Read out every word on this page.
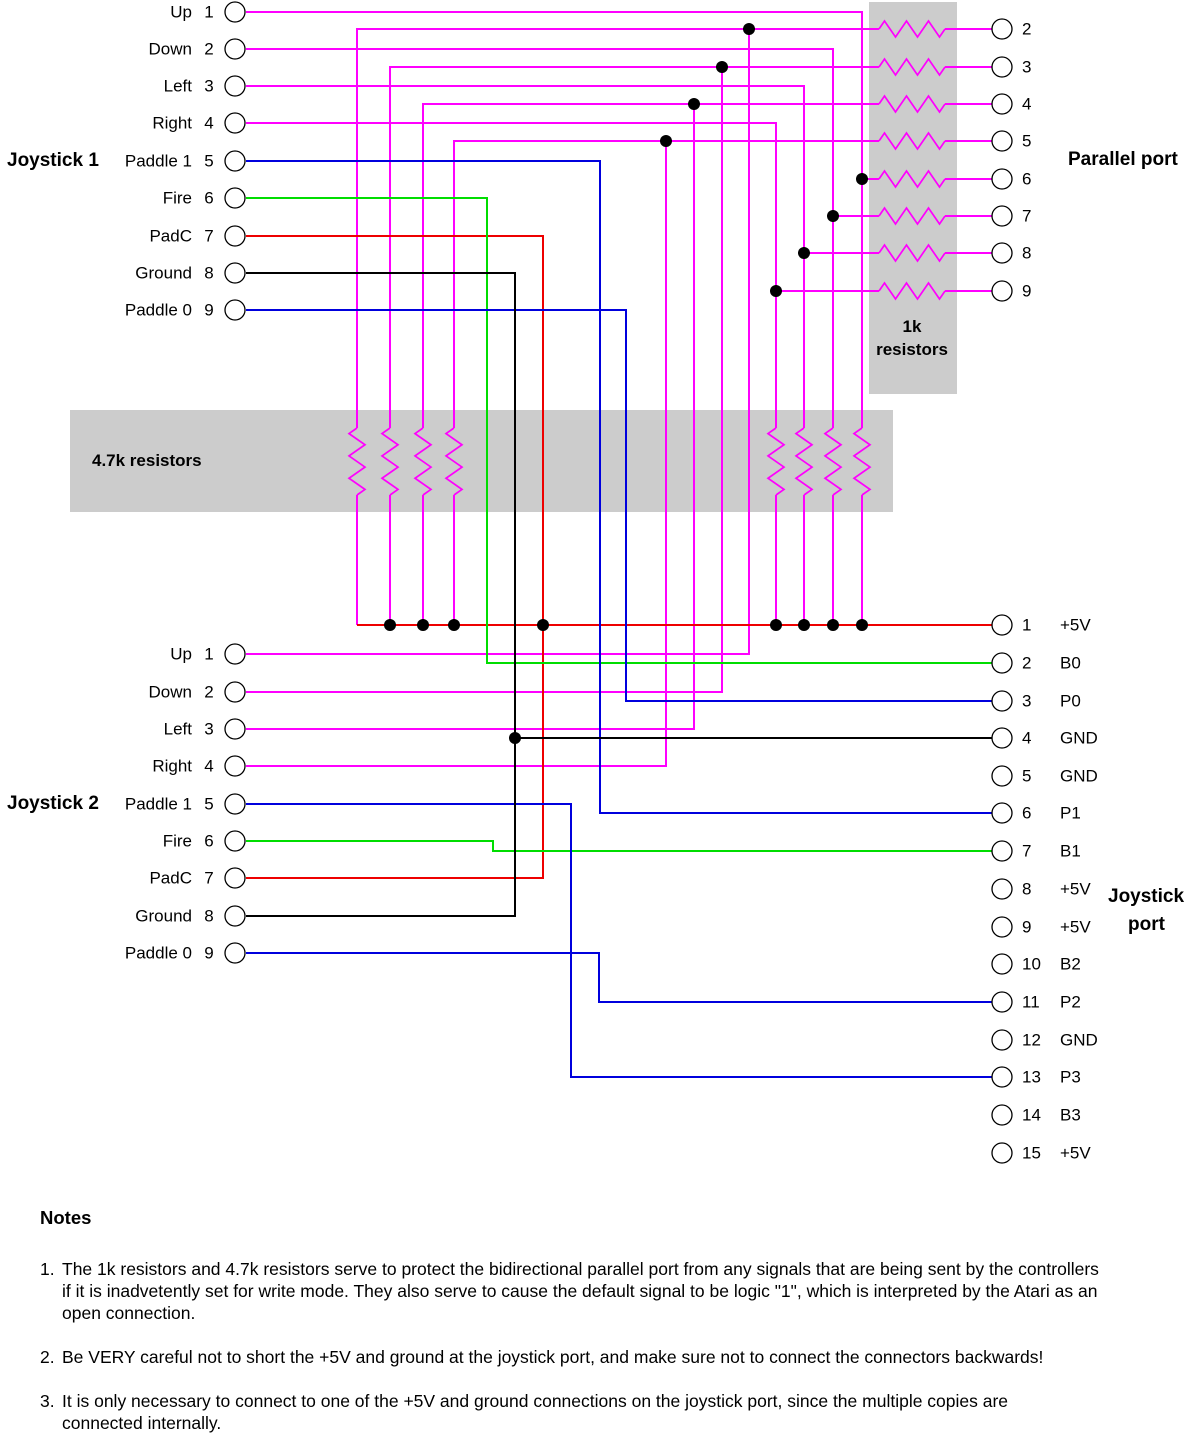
Joystick 1
Joystick 2
Parallel port
Joystick
port
1k
resistors
4.7k resistors
Up 1
Down 2
Left 3
Right 4
Paddle 1 5
Fire 6
PadC 7
Ground 8
Paddle 0 9
Up 1
Down 2
Left 3
Right 4
Paddle 1 5
Fire 6
PadC 7
Ground 8
Paddle 0 9
2
3
4
5
6
7
8
9
1	+5V
2	B0
3	P0
4	GND
5	GND
6	P1
7	B1
8	+5V
9	+5V
10	B2
11	P2
12	GND
13	P3
14	B3
15	+5V
Notes
1. The 1k resistors and 4.7k resistors serve to protect the bidirectional parallel port from any signals that are being sent by the controllers
if it is inadvetently set for write mode. They also serve to cause the default signal to be logic "1", which is interpreted by the Atari as an
open connection.
2. Be VERY careful not to short the +5V and ground at the joystick port, and make sure not to connect the connectors backwards!
3. It is only necessary to connect to one of the +5V and ground connections on the joystick port, since the multiple copies are
connected internally.
